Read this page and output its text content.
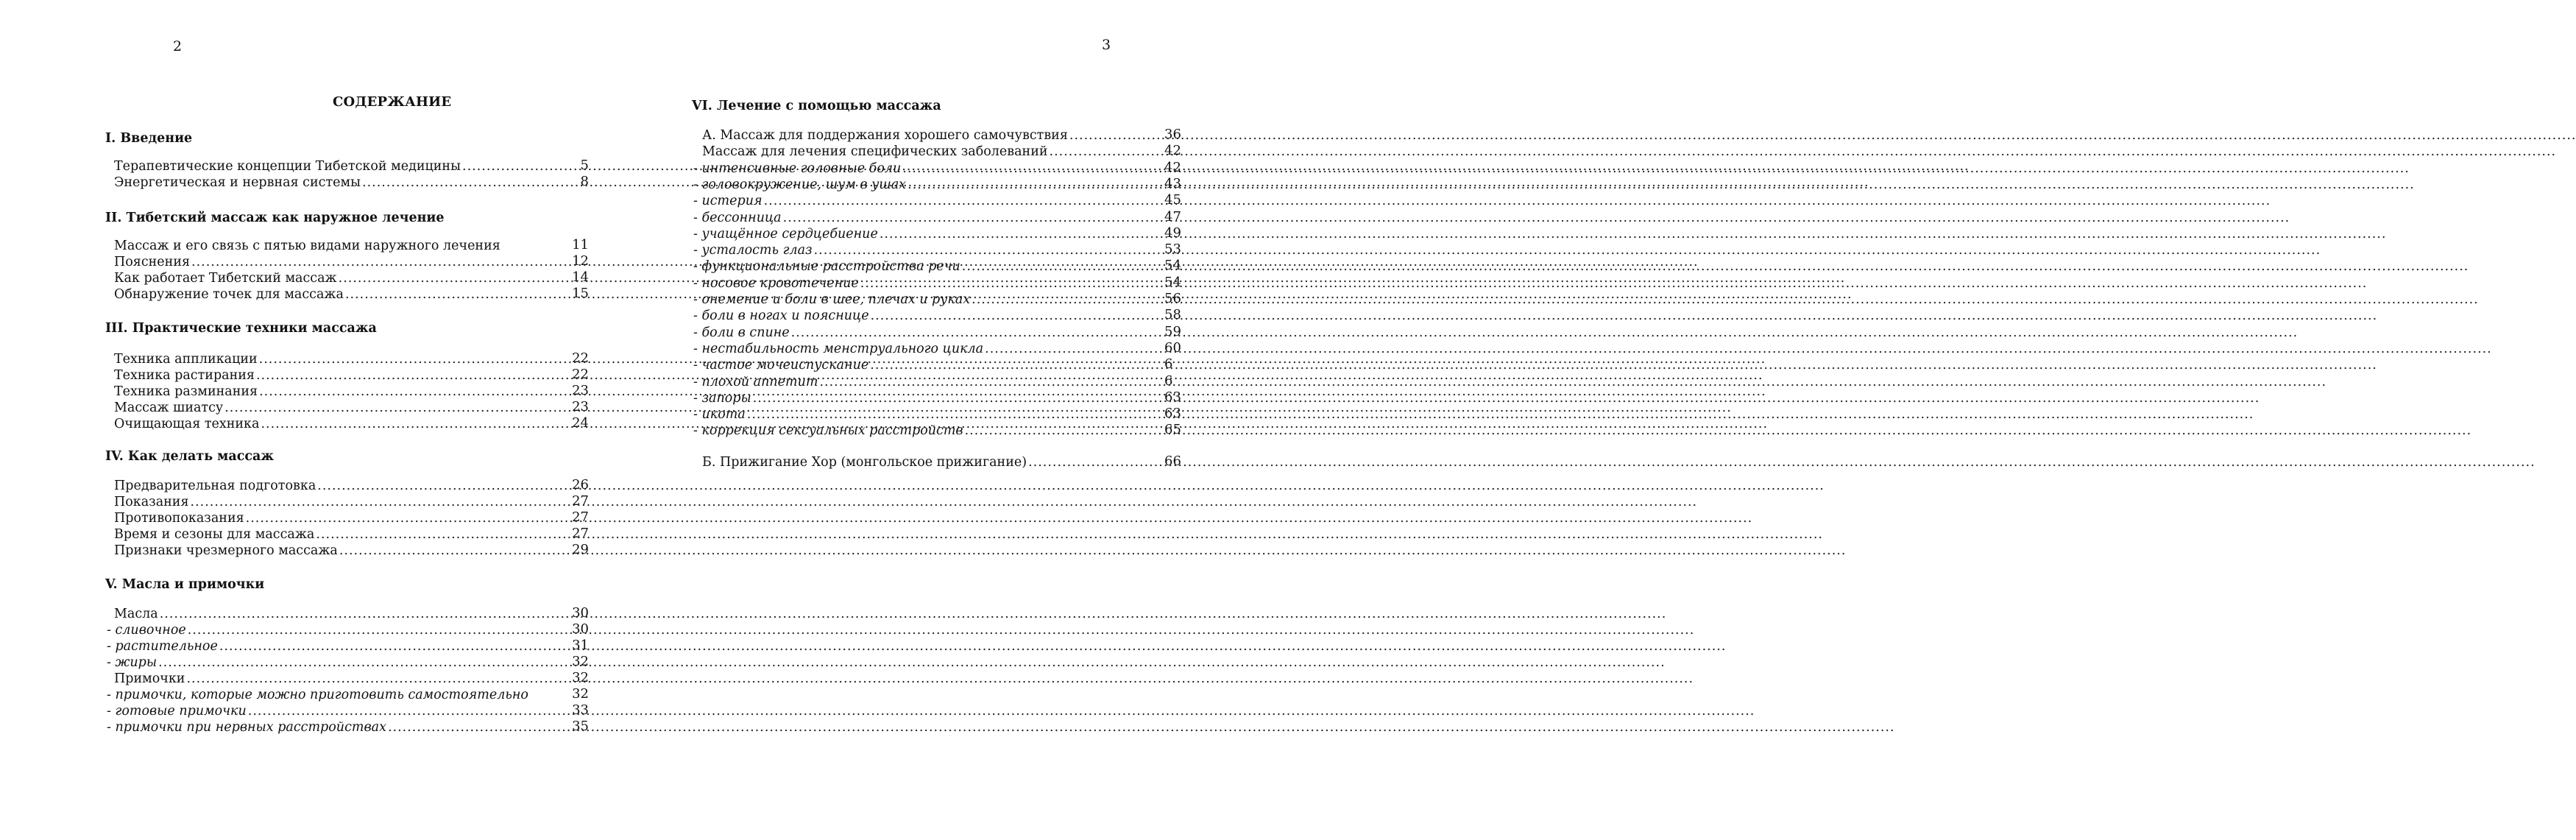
2	3
СОДЕРЖАНИЕ
I. Введение
Терапевтические концепции Тибетской медицины .....	5
Энергетическая и нервная системы .....	8
II. Тибетский массаж как наружное лечение
Массаж и его связь с пятью видами наружного лечения	11
Пояснения .....	12
Как работает Тибетский массаж .....	14
Обнаружение точек для массажа .....	15
III. Практические техники массажа
Техника аппликации .....	22
Техника растирания .....	22
Техника разминания .....	23
Массаж шиатсу .....	23
Очищающая техника .....	24
IV. Как делать массаж
Предварительная подготовка .....	26
Показания .....	27
Противопоказания .....	27
Время и сезоны для массажа .....	27
Признаки чрезмерного массажа .....	29
V. Масла и примочки
Масла .....	30
- сливочное .....	30
- растительное .....	31
- жиры .....	32
Примочки .....	32
- примочки, которые можно приготовить самостоятельно	32
- готовые примочки .....	33
- примочки при нервных расстройствах .....	35
VI. Лечение с помощью массажа
А. Массаж для поддержания хорошего самочувствия .....	36
Массаж для лечения специфических заболеваний .....	42
- интенсивные головные боли .....	42
- головокружение, шум в ушах .....	43
- истерия .....	45
- бессонница .....	47
- учащённое сердцебиение .....	49
- усталость глаз .....	53
- функциональные расстройства речи .....	54
- носовое кровотечение .....	54
- онемение и боли в шее, плечах и руках .....	56
- боли в ногах и пояснице .....	58
- боли в спине .....	59
- нестабильность менструального цикла .....	60
- частое мочеиспускание .....	6
- плохой аппетит .....	6
- запоры .....	63
- икота .....	63
- коррекция сексуальных расстройств .....	65
Б. Прижигание Хор (монгольское прижигание) .....	66
